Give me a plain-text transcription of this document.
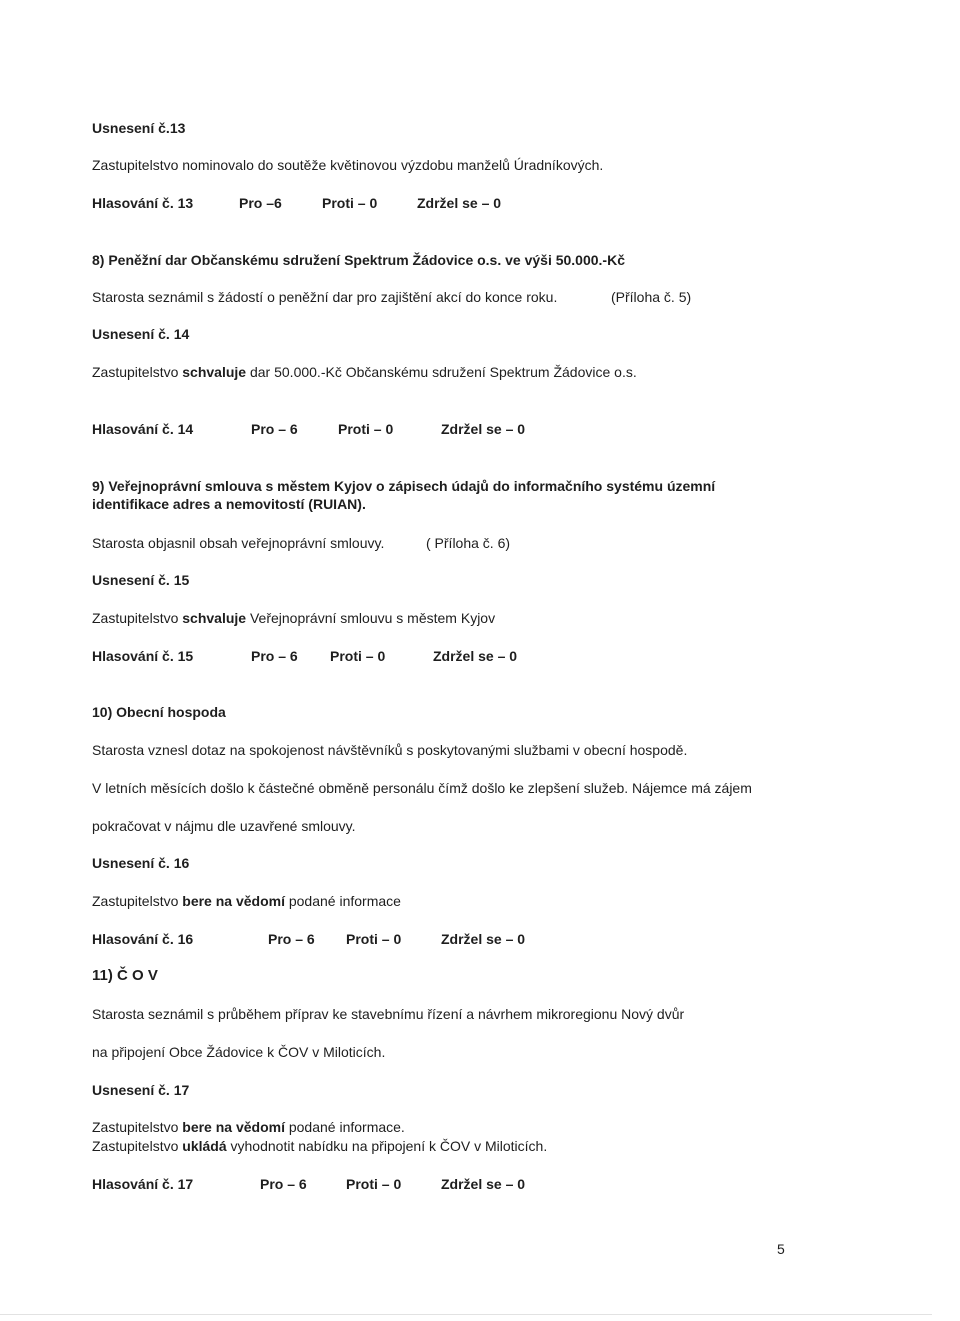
Usnesení č.13
Zastupitelstvo nominovalo do soutěže květinovou výzdobu manželů Úradníkových.
Hlasování č. 13	Pro –6	Proti – 0	Zdržel se – 0
8) Peněžní dar Občanskému sdružení Spektrum Žádovice o.s. ve výši 50.000.-Kč
Starosta seznámil s žádostí o peněžní dar pro zajištění akcí do konce roku.	(Příloha č. 5)
Usnesení č. 14
Zastupitelstvo schvaluje dar 50.000.-Kč Občanskému sdružení Spektrum Žádovice o.s.
Hlasování č. 14	Pro – 6	Proti – 0	Zdržel se – 0
9) Veřejnoprávní smlouva s městem Kyjov o zápisech údajů do informačního systému územní
identifikace adres a nemovitostí (RUIAN).
Starosta objasnil obsah veřejnoprávní smlouvy.	( Příloha č. 6)
Usnesení č. 15
Zastupitelstvo schvaluje Veřejnoprávní smlouvu s městem Kyjov
Hlasování č. 15	Pro – 6 Proti – 0	Zdržel se – 0
10) Obecní hospoda
Starosta vznesl dotaz na spokojenost návštěvníků s poskytovanými službami v obecní hospodě.
V letních měsících došlo k částečné obměně personálu čímž došlo ke zlepšení služeb. Nájemce má zájem
pokračovat v nájmu dle uzavřené smlouvy.
Usnesení č. 16
Zastupitelstvo bere na vědomí podané informace
Hlasování č. 16	Pro – 6 Proti – 0	Zdržel se – 0
11) Č O V
Starosta seznámil s průběhem příprav ke stavebnímu řízení a návrhem mikroregionu Nový dvůr
na připojení Obce Žádovice k ČOV v Miloticích.
Usnesení č. 17
Zastupitelstvo bere na vědomí podané informace.
Zastupitelstvo ukládá vyhodnotit nabídku na připojení k ČOV v Miloticích.
Hlasování č. 17	Pro – 6	Proti – 0	Zdržel se – 0
5
